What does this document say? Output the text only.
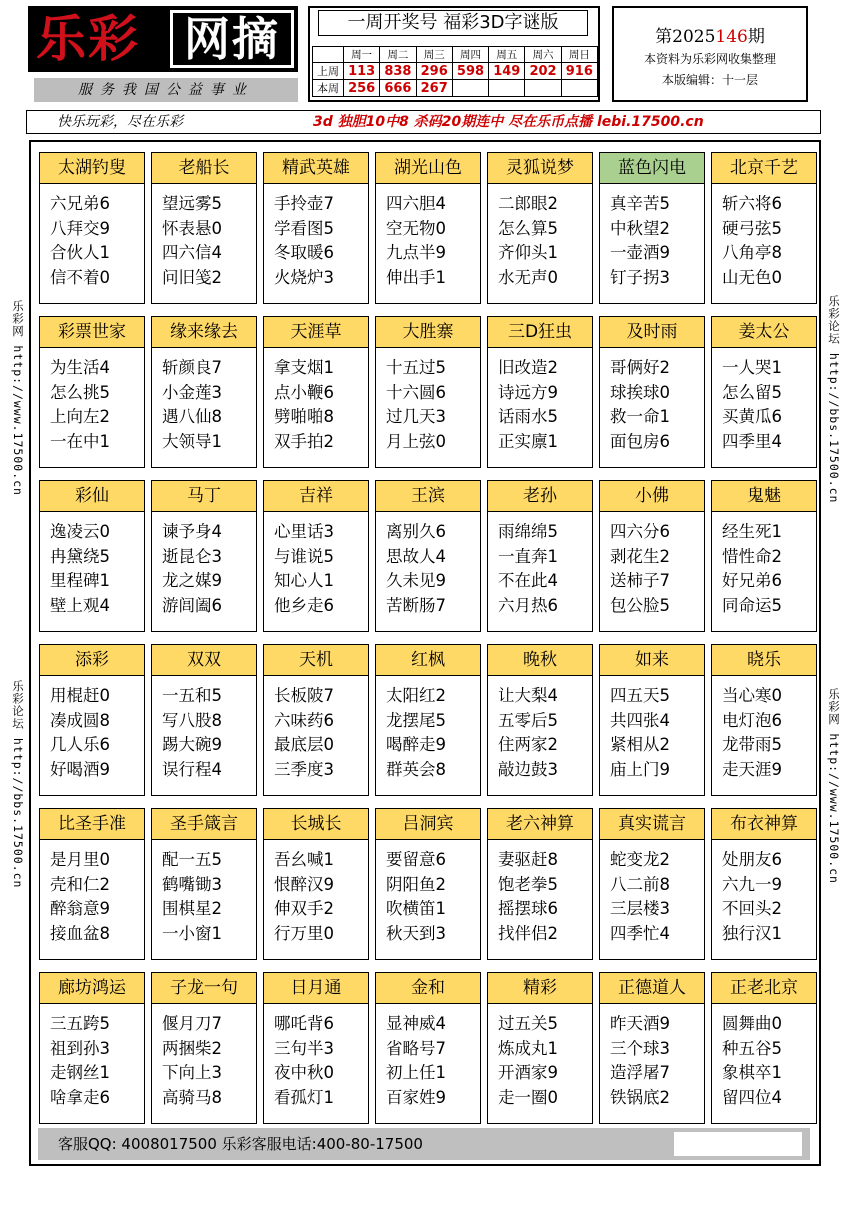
乐彩 网摘
服务我国公益事业
一周开奖号 福彩3D字谜版
	周一	周二	周三	周四	周五	周六	周日
上周	113	838	296	598	149	202	916
本周	256	666	267				
第2025146期
本资料为乐彩网收集整理
本版编辑：十一层
快乐玩彩，尽在乐彩	3d 独胆10中8 杀码20期连中 尽在乐币点播 lebi.17500.cn
乐彩网 http://www.17500.cn
乐彩论坛 http://bbs.17500.cn
乐彩论坛 http://bbs.17500.cn
乐彩网 http://www.17500.cn
太湖钓叟
六兄弟6
八拜交9
合伙人1
信不着0
老船长
望远雾5
怀表悬0
四六信4
问旧笺2
精武英雄
手拎壶7
学看图5
冬取暖6
火烧炉3
湖光山色
四六胆4
空无物0
九点半9
伸出手1
灵狐说梦
二郎眼2
怎么算5
齐仰头1
水无声0
蓝色闪电
真辛苦5
中秋望2
一壶酒9
钉子拐3
北京千艺
斩六将6
硬弓弦5
八角亭8
山无色0
彩票世家
为生活4
怎么挑5
上向左2
一在中1
缘来缘去
斩颜良7
小金莲3
遇八仙8
大领导1
天涯草
拿支烟1
点小鞭6
劈啪啪8
双手拍2
大胜寨
十五过5
十六圆6
过几天3
月上弦0
三D狂虫
旧改造2
诗远方9
话雨水5
正实廪1
及时雨
哥俩好2
球挨球0
救一命1
面包房6
姜太公
一人哭1
怎么留5
买黄瓜6
四季里4
彩仙
逸凌云0
冉黛绕5
里程碑1
壁上观4
马丁
谏予身4
逝昆仑3
龙之媒9
游闾阖6
吉祥
心里话3
与谁说5
知心人1
他乡走6
王滨
离别久6
思故人4
久未见9
苦断肠7
老孙
雨绵绵5
一直奔1
不在此4
六月热6
小佛
四六分6
剥花生2
送柿子7
包公脸5
鬼魅
经生死1
惜性命2
好兄弟6
同命运5
添彩
用棍赶0
凑成圆8
几人乐6
好喝酒9
双双
一五和5
写八股8
踢大碗9
误行程4
天机
长板陂7
六味药6
最底层0
三季度3
红枫
太阳红2
龙摆尾5
喝醉走9
群英会8
晚秋
让大梨4
五零后5
住两家2
敲边鼓3
如来
四五天5
共四张4
紧相从2
庙上门9
晓乐
当心寒0
电灯泡6
龙带雨5
走天涯9
比圣手准
是月里0
壳和仁2
醉翁意9
接血盆8
圣手箴言
配一五5
鹤嘴锄3
围棋星2
一小窗1
长城长
吾幺喊1
恨醉汉9
伸双手2
行万里0
吕洞宾
要留意6
阴阳鱼2
吹横笛1
秋天到3
老六神算
妻驱赶8
饱老拳5
摇摆球6
找伴侣2
真实谎言
蛇变龙2
八二前8
三层楼3
四季忙4
布衣神算
处朋友6
六九一9
不回头2
独行汉1
廊坊鸿运
三五跨5
祖到孙3
走钢丝1
啥拿走6
子龙一句
偃月刀7
两捆柴2
下向上3
高骑马8
日月通
哪吒背6
三句半3
夜中秋0
看孤灯1
金和
显神威4
省略号7
初上任1
百家姓9
精彩
过五关5
炼成丸1
开酒家9
走一圈0
正德道人
昨天酒9
三个球3
造浮屠7
铁锅底2
正老北京
圆舞曲0
种五谷5
象棋卒1
留四位4
客服QQ: 4008017500 乐彩客服电话:400-80-17500
